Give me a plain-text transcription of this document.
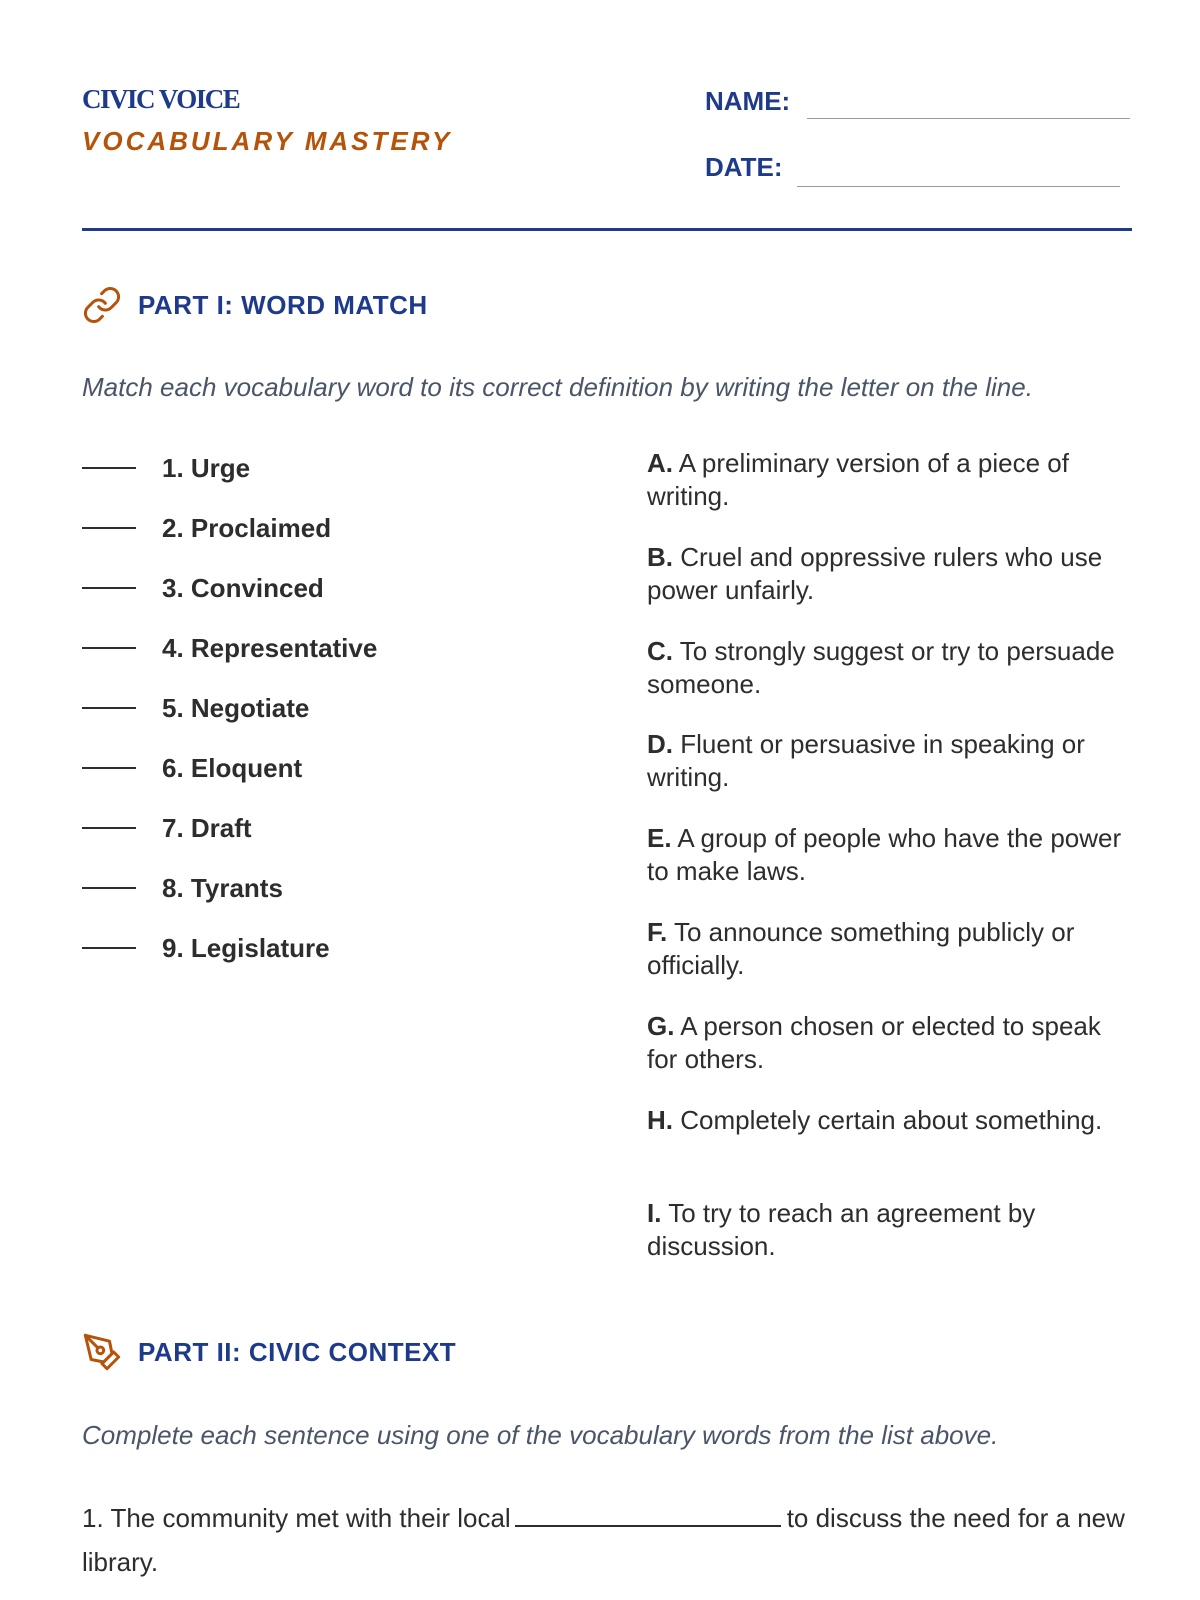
CIVIC VOICE
VOCABULARY MASTERY
NAME:
DATE:
PART I: WORD MATCH
Match each vocabulary word to its correct definition by writing the letter on the line.
1. Urge
2. Proclaimed
3. Convinced
4. Representative
5. Negotiate
6. Eloquent
7. Draft
8. Tyrants
9. Legislature
A. A preliminary version of a piece of writing.
B. Cruel and oppressive rulers who use power unfairly.
C. To strongly suggest or try to persuade someone.
D. Fluent or persuasive in speaking or writing.
E. A group of people who have the power to make laws.
F. To announce something publicly or officially.
G. A person chosen or elected to speak for others.
H. Completely certain about something.
I. To try to reach an agreement by discussion.
PART II: CIVIC CONTEXT
Complete each sentence using one of the vocabulary words from the list above.
1. The community met with their local	to discuss the need for a new library.
